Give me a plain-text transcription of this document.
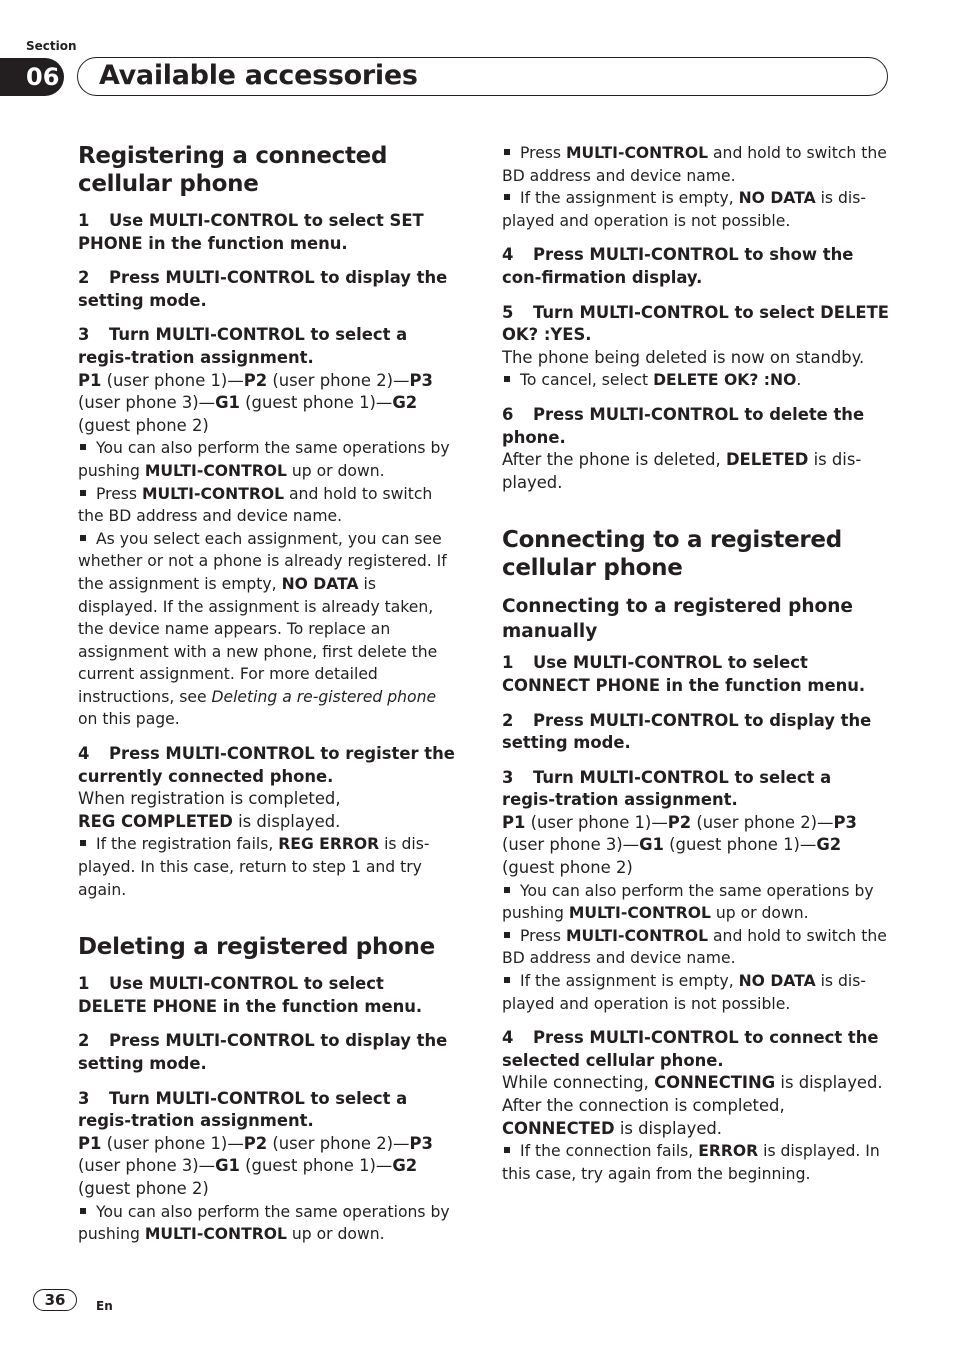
Section
06 Available accessories
Registering a connected cellular phone

1 Use MULTI-CONTROL to select SET PHONE in the function menu.

2 Press MULTI-CONTROL to display the setting mode.

3 Turn MULTI-CONTROL to select a regis-tration assignment.

P1 (user phone 1)—P2 (user phone 2)—P3 (user phone 3)—G1 (guest phone 1)—G2 (guest phone 2)

You can also perform the same operations by pushing MULTI-CONTROL up or down.

Press MULTI-CONTROL and hold to switch the BD address and device name.

As you select each assignment, you can see whether or not a phone is already registered. If the assignment is empty, NO DATA is displayed. If the assignment is already taken, the device name appears. To replace an assignment with a new phone, first delete the current assignment. For more detailed instructions, see Deleting a re-gistered phone on this page.

4 Press MULTI-CONTROL to register the currently connected phone.

When registration is completed,
REG COMPLETED is displayed.

If the registration fails, REG ERROR is dis-played. In this case, return to step 1 and try again.

Deleting a registered phone

1 Use MULTI-CONTROL to select DELETE PHONE in the function menu.

2 Press MULTI-CONTROL to display the setting mode.

3 Turn MULTI-CONTROL to select a regis-tration assignment.

P1 (user phone 1)—P2 (user phone 2)—P3 (user phone 3)—G1 (guest phone 1)—G2 (guest phone 2)

You can also perform the same operations by pushing MULTI-CONTROL up or down.

Press MULTI-CONTROL and hold to switch the BD address and device name.

If the assignment is empty, NO DATA is dis-played and operation is not possible.

4 Press MULTI-CONTROL to show the con-firmation display.

5 Turn MULTI-CONTROL to select DELETE OK? :YES.

The phone being deleted is now on standby.

To cancel, select DELETE OK? :NO.

6 Press MULTI-CONTROL to delete the phone.

After the phone is deleted, DELETED is dis-played.

Connecting to a registered cellular phone
Connecting to a registered phone manually

1 Use MULTI-CONTROL to select CONNECT PHONE in the function menu.

2 Press MULTI-CONTROL to display the setting mode.

3 Turn MULTI-CONTROL to select a regis-tration assignment.

P1 (user phone 1)—P2 (user phone 2)—P3 (user phone 3)—G1 (guest phone 1)—G2 (guest phone 2)

You can also perform the same operations by pushing MULTI-CONTROL up or down.

Press MULTI-CONTROL and hold to switch the BD address and device name.

If the assignment is empty, NO DATA is dis-played and operation is not possible.

4 Press MULTI-CONTROL to connect the selected cellular phone.

While connecting, CONNECTING is displayed. After the connection is completed,
CONNECTED is displayed.

If the connection fails, ERROR is displayed. In this case, try again from the beginning.

36	En
